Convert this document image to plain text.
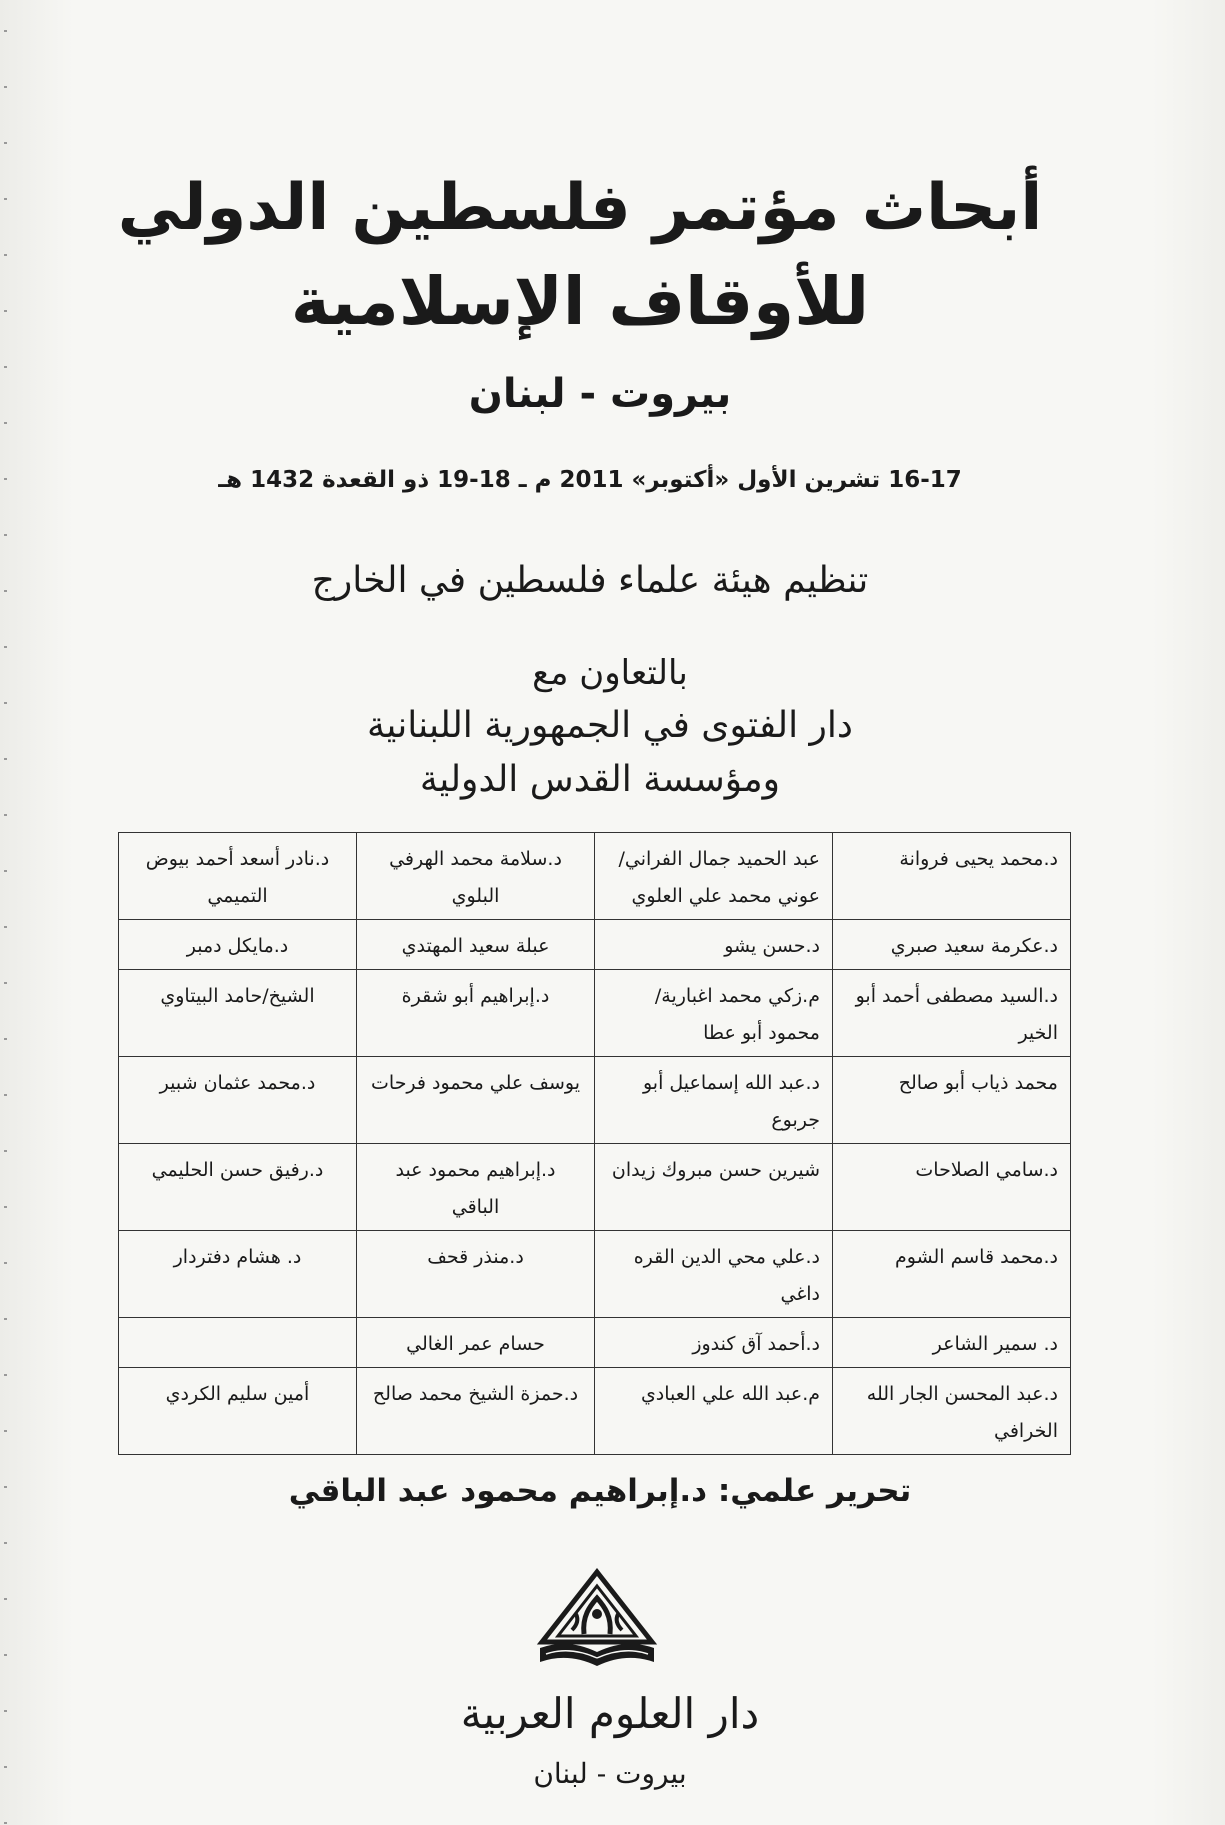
أبحاث مؤتمر فلسطين الدولي
للأوقاف الإسلامية
بيروت - لبنان
16-17 تشرين الأول «أكتوبر» 2011 م ـ 18-19 ذو القعدة 1432 هـ
تنظيم هيئة علماء فلسطين في الخارج
بالتعاون مع
دار الفتوى في الجمهورية اللبنانية
ومؤسسة القدس الدولية
د.محمد يحيى فروانة	عبد الحميد جمال الفراني/عوني محمد علي العلوي	د.سلامة محمد الهرفي البلوي	د.نادر أسعد أحمد بيوض التميمي
د.عكرمة سعيد صبري	د.حسن يشو	عبلة سعيد المهتدي	د.مايكل دمبر
د.السيد مصطفى أحمد أبو الخير	م.زكي محمد اغبارية/ محمود أبو عطا	د.إبراهيم أبو شقرة	الشيخ/حامد البيتاوي
محمد ذياب أبو صالح	د.عبد الله إسماعيل أبو جربوع	يوسف علي محمود فرحات	د.محمد عثمان شبير
د.سامي الصلاحات	شيرين حسن مبروك زيدان	د.إبراهيم محمود عبد الباقي	د.رفيق حسن الحليمي
د.محمد قاسم الشوم	د.علي محي الدين القره داغي	د.منذر قحف	د. هشام دفتردار
د. سمير الشاعر	د.أحمد آق كندوز	حسام عمر الغالي	
د.عبد المحسن الجار الله الخرافي	م.عبد الله علي العبادي	د.حمزة الشيخ محمد صالح	أمين سليم الكردي
تحرير علمي: د.إبراهيم محمود عبد الباقي
دار العلوم العربية
بيروت - لبنان
